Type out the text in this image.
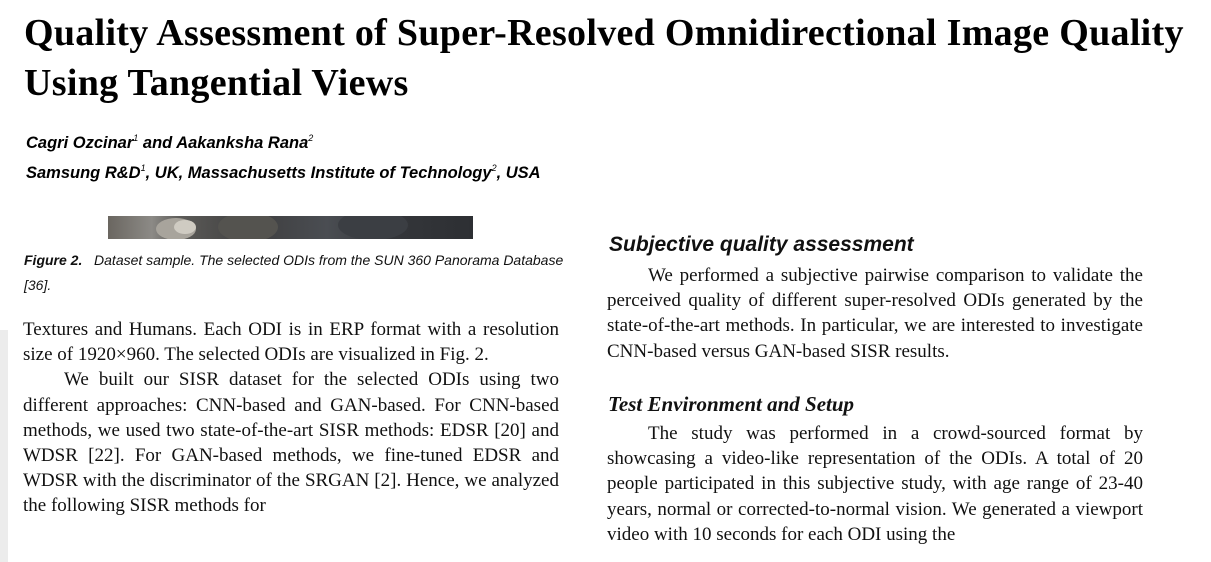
Quality Assessment of Super-Resolved Omnidirectional Image Quality Using Tangential Views
Cagri Ozcinar$^1$ and Aakanksha Rana$^2$
Samsung $R\&D^1$, UK, Massachusetts Institute of Technology$^2$, USA
Figure 2. Dataset sample. The selected ODIs from the SUN 360 Panorama Database [36].

Textures and Humans. Each ODI is in ERP format with a resolution size of 1920×960. The selected ODIs are visualized in Fig. 2.

We built our SISR dataset for the selected ODIs using two different approaches: CNN-based and GAN-based. For CNN-based methods, we used two state-of-the-art SISR methods: EDSR [20] and WDSR [22]. For GAN-based methods, we fine-tuned EDSR and WDSR with the discriminator of the SRGAN [2]. Hence, we analyzed the following SISR methods for

Subjective quality assessment

We performed a subjective pairwise comparison to validate the perceived quality of different super-resolved ODIs generated by the state-of-the-art methods. In particular, we are interested to investigate CNN-based versus GAN-based SISR results.

Test Environment and Setup

The study was performed in a crowd-sourced format by showcasing a video-like representation of the ODIs. A total of 20 people participated in this subjective study, with age range of 23-40 years, normal or corrected-to-normal vision. We generated a viewport video with 10 seconds for each ODI using the
